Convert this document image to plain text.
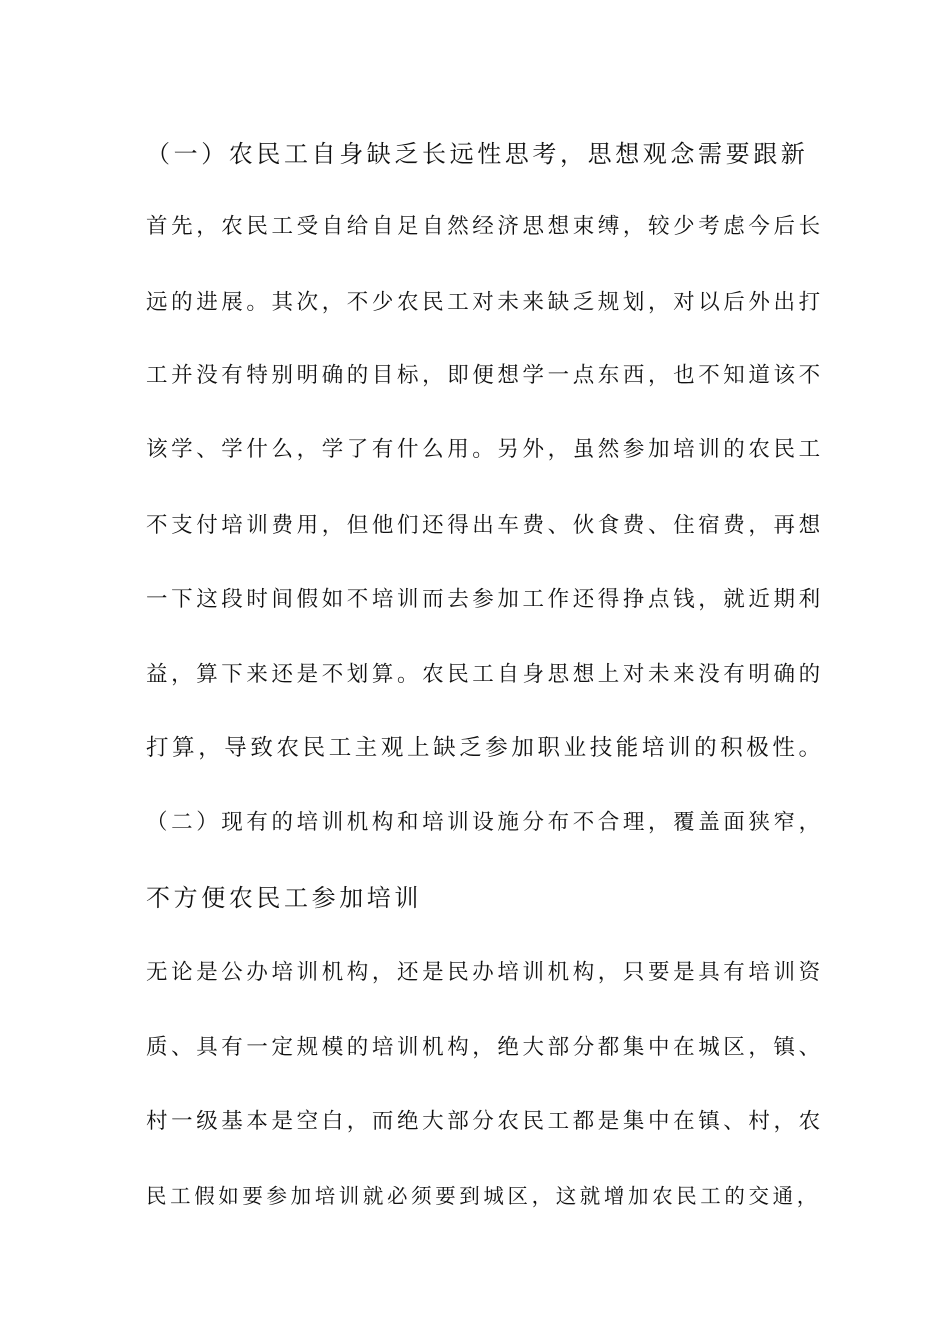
（一）农民工自身缺乏长远性思考，思想观念需要跟新
首先，农民工受自给自足自然经济思想束缚，较少考虑今后长
远的进展。其次，不少农民工对未来缺乏规划，对以后外出打
工并没有特别明确的目标，即便想学一点东西，也不知道该不
该学、学什么，学了有什么用。另外，虽然参加培训的农民工
不支付培训费用，但他们还得出车费、伙食费、住宿费，再想
一下这段时间假如不培训而去参加工作还得挣点钱，就近期利
益，算下来还是不划算。农民工自身思想上对未来没有明确的
打算，导致农民工主观上缺乏参加职业技能培训的积极性。
（二）现有的培训机构和培训设施分布不合理，覆盖面狭窄，
不方便农民工参加培训
无论是公办培训机构，还是民办培训机构，只要是具有培训资
质、具有一定规模的培训机构，绝大部分都集中在城区，镇、
村一级基本是空白，而绝大部分农民工都是集中在镇、村，农
民工假如要参加培训就必须要到城区，这就增加农民工的交通，
